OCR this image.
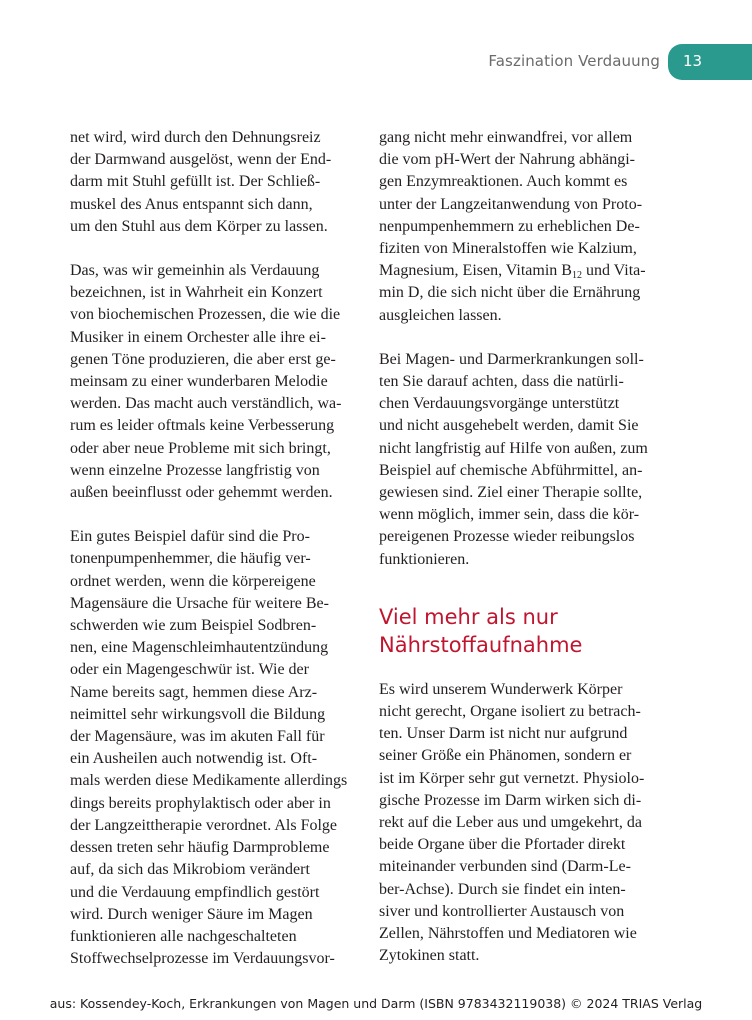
Faszination Verdauung 13

net wird, wird durch den Dehnungsreiz
der Darmwand ausgelöst, wenn der End-
darm mit Stuhl gefüllt ist. Der Schließ-
muskel des Anus entspannt sich dann,
um den Stuhl aus dem Körper zu lassen.

Das, was wir gemeinhin als Verdauung
bezeichnen, ist in Wahrheit ein Konzert
von biochemischen Prozessen, die wie die
Musiker in einem Orchester alle ihre ei-
genen Töne produzieren, die aber erst ge-
meinsam zu einer wunderbaren Melodie
werden. Das macht auch verständlich, wa-
rum es leider oftmals keine Verbesserung
oder aber neue Probleme mit sich bringt,
wenn einzelne Prozesse langfristig von
außen beeinflusst oder gehemmt werden.

Ein gutes Beispiel dafür sind die Pro-
tonenpumpenhemmer, die häufig ver-
ordnet werden, wenn die körpereigene
Magensäure die Ursache für weitere Be-
schwerden wie zum Beispiel Sodbren-
nen, eine Magenschleimhautentzündung
oder ein Magengeschwür ist. Wie der
Name bereits sagt, hemmen diese Arz-
neimittel sehr wirkungsvoll die Bildung
der Magensäure, was im akuten Fall für
ein Ausheilen auch notwendig ist. Oft-
mals werden diese Medikamente allerdings
dings bereits prophylaktisch oder aber in
der Langzeittherapie verordnet. Als Folge
dessen treten sehr häufig Darmprobleme
auf, da sich das Mikrobiom verändert
und die Verdauung empfindlich gestört
wird. Durch weniger Säure im Magen
funktionieren alle nachgeschalteten
Stoffwechselprozesse im Verdauungsvor-

gang nicht mehr einwandfrei, vor allem
die vom pH-Wert der Nahrung abhängi-
gen Enzymreaktionen. Auch kommt es
unter der Langzeitanwendung von Proto-
nenpumpenhemmern zu erheblichen De-
fiziten von Mineralstoffen wie Kalzium,
Magnesium, Eisen, Vitamin $B_{12}$ und Vita-
min D, die sich nicht über die Ernährung
ausgleichen lassen.

Bei Magen- und Darmerkrankungen soll-
ten Sie darauf achten, dass die natürli-
chen Verdauungsvorgänge unterstützt
und nicht ausgehebelt werden, damit Sie
nicht langfristig auf Hilfe von außen, zum
Beispiel auf chemische Abführmittel, an-
gewiesen sind. Ziel einer Therapie sollte,
wenn möglich, immer sein, dass die kör-
pereigenen Prozesse wieder reibungslos
funktionieren.

Viel mehr als nur
Nährstoffaufnahme

Es wird unserem Wunderwerk Körper
nicht gerecht, Organe isoliert zu betrach-
ten. Unser Darm ist nicht nur aufgrund
seiner Größe ein Phänomen, sondern er
ist im Körper sehr gut vernetzt. Physiolo-
gische Prozesse im Darm wirken sich di-
rekt auf die Leber aus und umgekehrt, da
beide Organe über die Pfortader direkt
miteinander verbunden sind (Darm-Le-
ber-Achse). Durch sie findet ein inten-
siver und kontrollierter Austausch von
Zellen, Nährstoffen und Mediatoren wie
Zytokinen statt.

aus: Kossendey-Koch, Erkrankungen von Magen und Darm (ISBN 9783432119038) © 2024 TRIAS Verlag
